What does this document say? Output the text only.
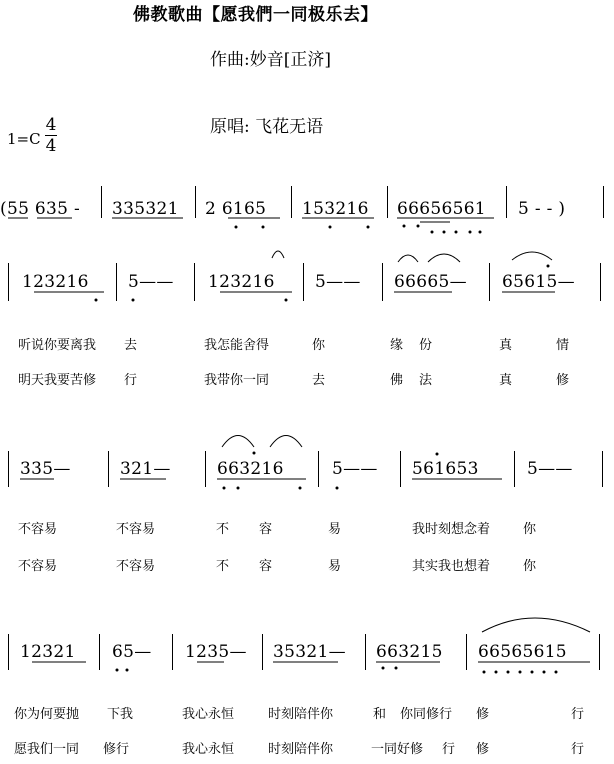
佛教歌曲【愿我們一同极乐去】
作曲:妙音[正济]
1=C
4
4
原唱: 飞花无语
( 55 635 - 335321 2 6165 153216 66656561 5 - - )
123216 5—— 123216 5—— 66665— 65615—
听说你要离我 去	我怎能舍得	你	缘 份	真	情
明天我要苦修 行	我带你一同	去	佛 法	真	修
335—	321—	663216	5—— 561653	5——
不容易	不容易	不 容	易	我时刻想念着	你
不容易	不容易	不 容	易	其实我也想着	你
12321 65— 1235— 35321— 663215 66565615
你为何要抛 下我	我心永恒	时刻陪伴你	和 你同修行 修	行
愿我们一同 修行	我心永恒	时刻陪伴你	一同好修 行 修	行
